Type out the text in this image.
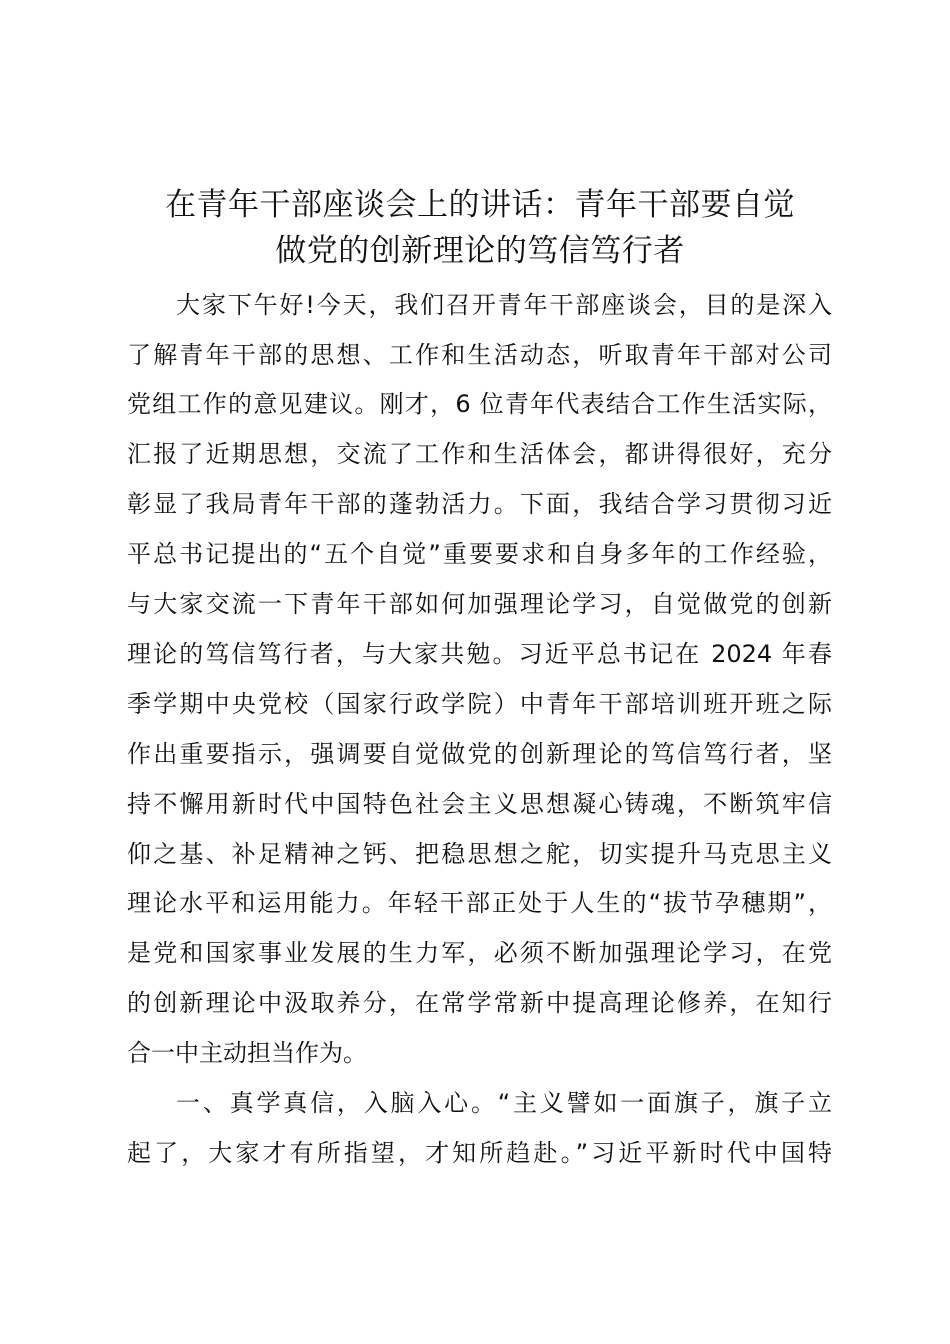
在青年干部座谈会上的讲话：青年干部要自觉
做党的创新理论的笃信笃行者

大家下午好!今天，我们召开青年干部座谈会，目的是深入

了解青年干部的思想、工作和生活动态，听取青年干部对公司

党组工作的意见建议。刚才，6 位青年代表结合工作生活实际，

汇报了近期思想，交流了工作和生活体会，都讲得很好，充分

彰显了我局青年干部的蓬勃活力。下面，我结合学习贯彻习近

平总书记提出的“五个自觉”重要要求和自身多年的工作经验，

与大家交流一下青年干部如何加强理论学习，自觉做党的创新

理论的笃信笃行者，与大家共勉。习近平总书记在 2024 年春

季学期中央党校（国家行政学院）中青年干部培训班开班之际

作出重要指示，强调要自觉做党的创新理论的笃信笃行者，坚

持不懈用新时代中国特色社会主义思想凝心铸魂，不断筑牢信

仰之基、补足精神之钙、把稳思想之舵，切实提升马克思主义

理论水平和运用能力。年轻干部正处于人生的“拔节孕穗期”，

是党和国家事业发展的生力军，必须不断加强理论学习，在党

的创新理论中汲取养分，在常学常新中提高理论修养，在知行

合一中主动担当作为。

一、真学真信，入脑入心。“主义譬如一面旗子，旗子立

起了，大家才有所指望，才知所趋赴。”习近平新时代中国特
